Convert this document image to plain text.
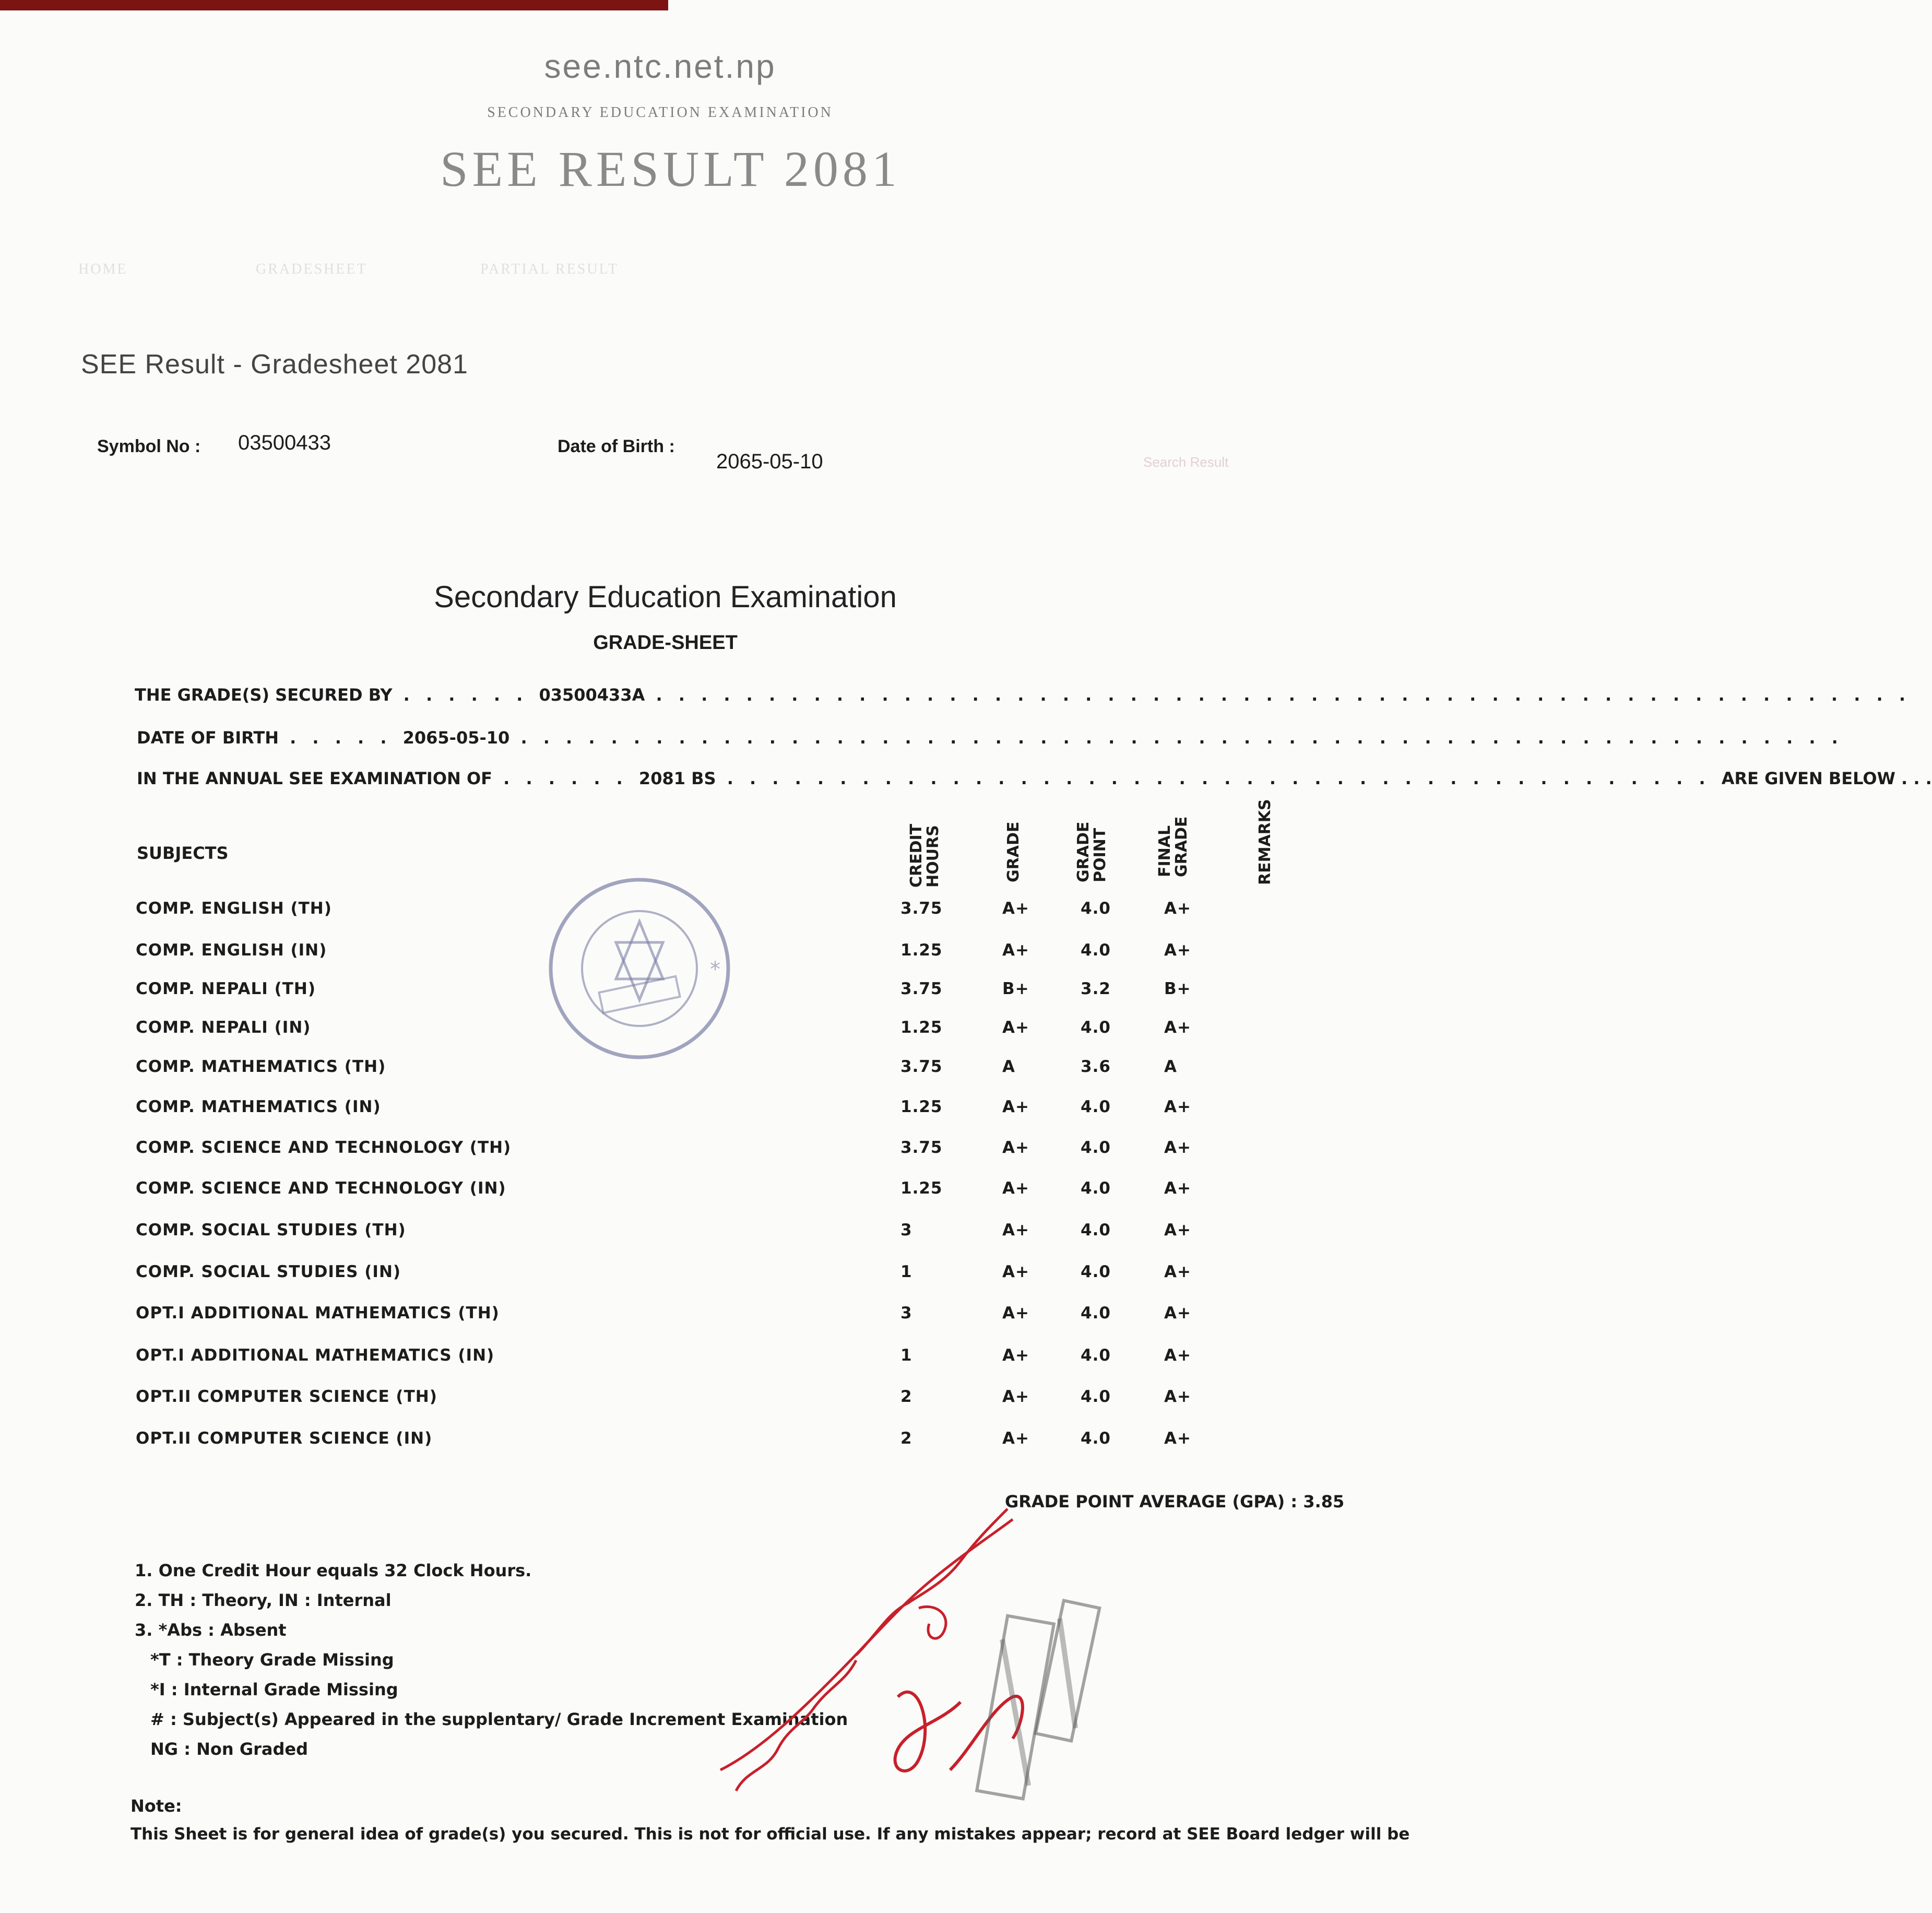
see.ntc.net.np
SECONDARY EDUCATION EXAMINATION
SEE RESULT 2081
HOME	GRADESHEET	PARTIAL RESULT
SEE Result - Gradesheet 2081
Symbol No : 03500433	Date of Birth :
2065-05-10	Search Result
Secondary Education Examination
GRADE-SHEET
THE GRADE(S) SECURED BY . . . . . . 03500433A . . . . . . . . . . . . . . . . . . . . . . . . . . . . . . . . . . . . . . . . . . . . . . . . . . . . . . . .
DATE OF BIRTH . . . . . 2065-05-10 . . . . . . . . . . . . . . . . . . . . . . . . . . . . . . . . . . . . . . . . . . . . . . . . . . . . . . . . . . .
IN THE ANNUAL SEE EXAMINATION OF . . . . . . 2081 BS . . . . . . . . . . . . . . . . . . . . . . . . . . . . . . . . . . . . . . . . . . . . ARE GIVEN BELOW . . .
SUBJECTS	CREDIT HOURS	GRADE	GRADE POINT	FINAL GRADE	REMARKS
COMP. ENGLISH (TH)	3.75	A+	4.0	A+
COMP. ENGLISH (IN)	1.25	A+	4.0	A+
COMP. NEPALI (TH)	3.75	B+	3.2	B+
COMP. NEPALI (IN)	1.25	A+	4.0	A+
COMP. MATHEMATICS (TH)	3.75	A	3.6	A
COMP. MATHEMATICS (IN)	1.25	A+	4.0	A+
COMP. SCIENCE AND TECHNOLOGY (TH)	3.75	A+	4.0	A+
COMP. SCIENCE AND TECHNOLOGY (IN)	1.25	A+	4.0	A+
COMP. SOCIAL STUDIES (TH)	3	A+	4.0	A+
COMP. SOCIAL STUDIES (IN)	1	A+	4.0	A+
OPT.I ADDITIONAL MATHEMATICS (TH)	3	A+	4.0	A+
OPT.I ADDITIONAL MATHEMATICS (IN)	1	A+	4.0	A+
OPT.II COMPUTER SCIENCE (TH)	2	A+	4.0	A+
OPT.II COMPUTER SCIENCE (IN)	2	A+	4.0	A+
GRADE POINT AVERAGE (GPA) : 3.85
1. One Credit Hour equals 32 Clock Hours.
2. TH : Theory, IN : Internal
3. *Abs : Absent
*T : Theory Grade Missing
*I : Internal Grade Missing
# : Subject(s) Appeared in the supplentary/ Grade Increment Examination
NG : Non Graded
Note:
This Sheet is for general idea of grade(s) you secured. This is not for official use. If any mistakes appear; record at SEE Board ledger will be
*
